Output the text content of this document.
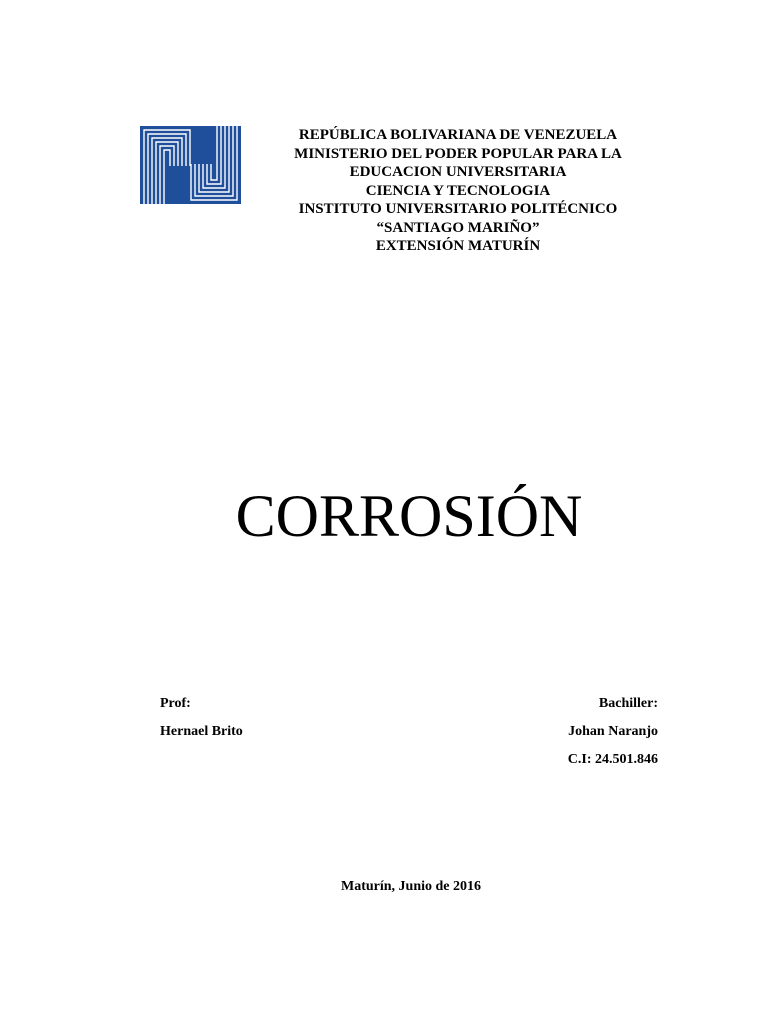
REPÚBLICA BOLIVARIANA DE VENEZUELA
MINISTERIO DEL PODER POPULAR PARA LA
EDUCACION UNIVERSITARIA
CIENCIA Y TECNOLOGIA
INSTITUTO UNIVERSITARIO POLITÉCNICO
“SANTIAGO MARIÑO”
EXTENSIÓN MATURÍN
CORROSIÓN
Prof:
Hernael Brito
Bachiller:
Johan Naranjo
C.I: 24.501.846
Maturín, Junio de 2016
